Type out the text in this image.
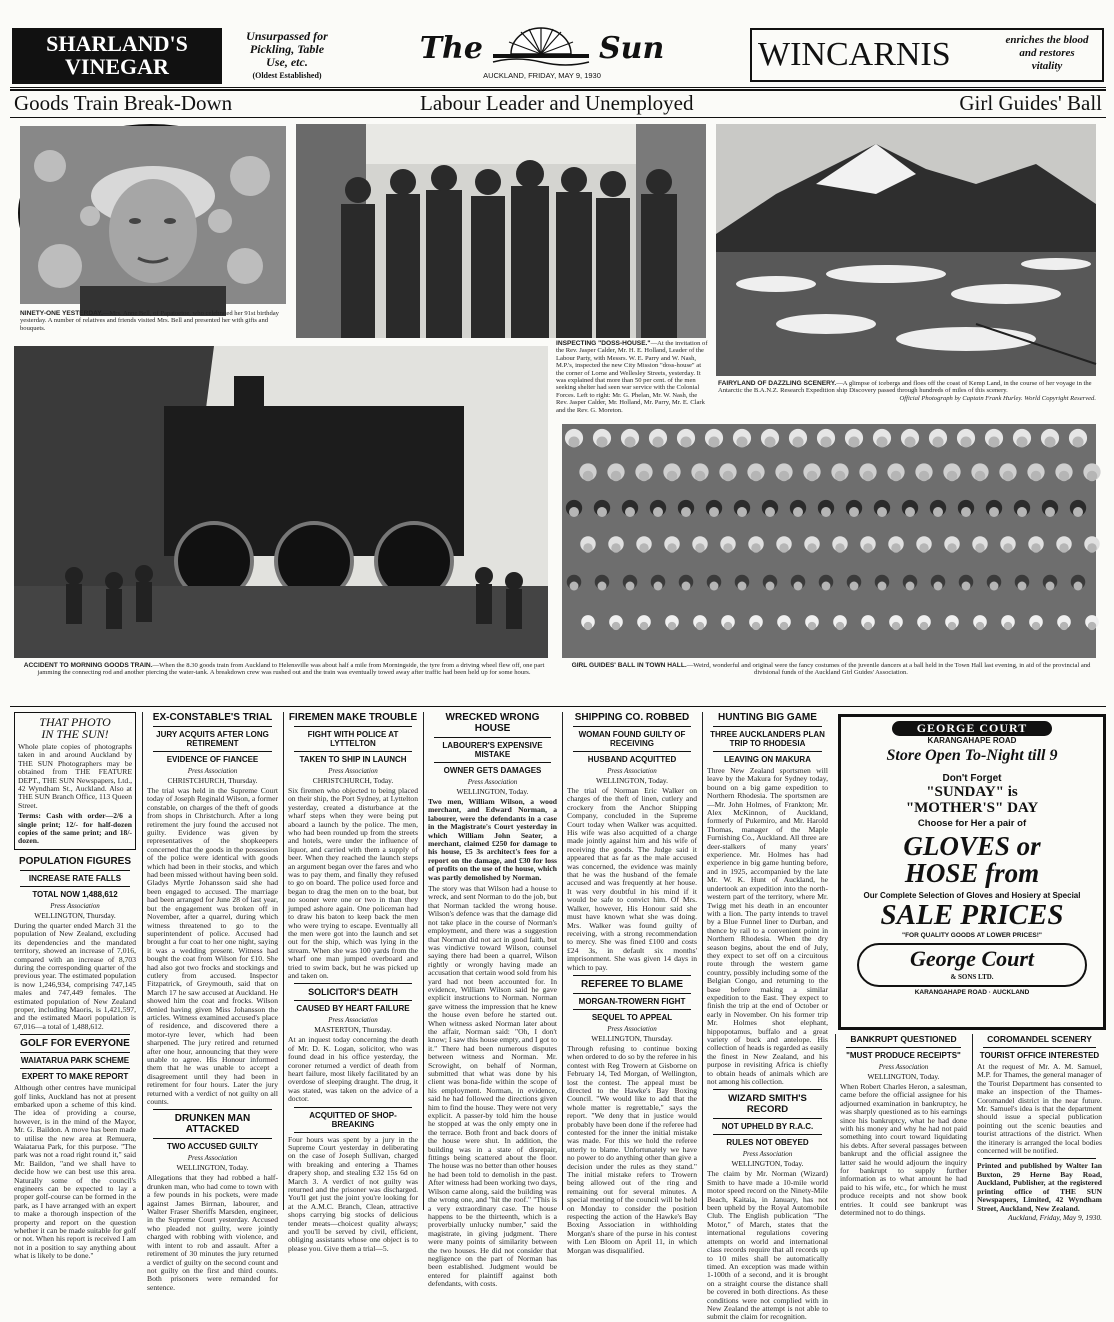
SHARLAND'S VINEGAR
Unsurpassed for
Pickling, Table
Use, etc.
(Oldest Established)
The	Sun
AUCKLAND, FRIDAY, MAY 9, 1930
WINCARNIS	enriches the blood
and restores
vitality
Goods Train Break-Down	Labour Leader and Unemployed	Girl Guides' Ball
NINETY-ONE YESTERDAY.—Mrs. Anne Bell, of Papatoetoe, who celebrated her 91st birthday yesterday. A number of relatives and friends visited Mrs. Bell and presented her with gifts and bouquets.
INSPECTING "DOSS-HOUSE."—At the invitation of the Rev. Jasper Calder, Mr. H. E. Holland, Leader of the Labour Party, with Messrs. W. E. Parry and W. Nash, M.P.'s, inspected the new City Mission "doss-house" at the corner of Lorne and Wellesley Streets, yesterday. It was explained that more than 50 per cent. of the men seeking shelter had seen war service with the Colonial Forces. Left to right: Mr. G. Phelan, Mr. W. Nash, the Rev. Jasper Calder, Mr. Holland, Mr. Parry, Mr. E. Clark and the Rev. G. Moreton.
FAIRYLAND OF DAZZLING SCENERY.—A glimpse of icebergs and floes off the coast of Kemp Land, in the course of her voyage in the Antarctic the B.A.N.Z. Research Expedition ship Discovery passed through hundreds of miles of this scenery.
Official Photograph by Captain Frank Hurley. World Copyright Reserved.
ACCIDENT TO MORNING GOODS TRAIN.—When the 8.30 goods train from Auckland to Helensville was about half a mile from Morningside, the tyre from a driving wheel flew off, one part jamming the connecting rod and another piercing the water-tank. A breakdown crew was rushed out and the train was eventually towed away after traffic had been held up for some hours.
GIRL GUIDES' BALL IN TOWN HALL.—Weird, wonderful and original were the fancy costumes of the juvenile dancers at a ball held in the Town Hall last evening, in aid of the provincial and divisional funds of the Auckland Girl Guides' Association.
THAT PHOTO
IN THE SUN!
Whole plate copies of photographs taken in and around Auckland by THE SUN Photographers may be obtained from THE FEATURE DEPT., THE SUN Newspapers, Ltd., 42 Wyndham St., Auckland. Also at THE SUN Branch Office, 113 Queen Street.
Terms: Cash with order—2/6 a single print; 12/- for half-dozen copies of the same print; and 18/- dozen.
POPULATION FIGURES
INCREASE RATE FALLS
TOTAL NOW 1,488,612
Press Association
WELLINGTON, Thursday.
During the quarter ended March 31 the population of New Zealand, excluding its dependencies and the mandated territory, showed an increase of 7,016, compared with an increase of 8,703 during the corresponding quarter of the previous year. The estimated population is now 1,246,934, comprising 747,145 males and 747,449 females. The estimated population of New Zealand proper, including Maoris, is 1,421,597, and the estimated Maori population is 67,016—a total of 1,488,612.
GOLF FOR EVERYONE
WAIATARUA PARK SCHEME
EXPERT TO MAKE REPORT
Although other centres have municipal golf links, Auckland has not at present embarked upon a scheme of this kind. The idea of providing a course, however, is in the mind of the Mayor, Mr. G. Baildon. A move has been made to utilise the new area at Remuera, Waiatarua Park, for this purpose. "The park was not a road right round it," said Mr. Baildon, "and we shall have to decide how we can best use this area. Naturally some of the council's engineers can be expected to lay a proper golf-course can be formed in the park, as I have arranged with an expert to make a thorough inspection of the property and report on the question whether it can be made suitable for golf or not. When his report is received I am not in a position to say anything about what is likely to be done."
EX-CONSTABLE'S TRIAL
JURY ACQUITS AFTER LONG RETIREMENT
EVIDENCE OF FIANCEE
Press Association
CHRISTCHURCH, Thursday.
The trial was held in the Supreme Court today of Joseph Reginald Wilson, a former constable, on charges of the theft of goods from shops in Christchurch. After a long retirement the jury found the accused not guilty. Evidence was given by representatives of the shopkeepers concerned that the goods in the possession of the police were identical with goods which had been in their stocks, and which had been missed without having been sold. Gladys Myrtle Johansson said she had been engaged to accused. The marriage had been arranged for June 28 of last year, but the engagement was broken off in November, after a quarrel, during which witness threatened to go to the superintendent of police. Accused had brought a fur coat to her one night, saying it was a wedding present. Witness had bought the coat from Wilson for £10. She had also got two frocks and stockings and cutlery from accused. Inspector Fitzpatrick, of Greymouth, said that on March 17 he saw accused at Auckland. He showed him the coat and frocks. Wilson denied having given Miss Johansson the articles. Witness examined accused's place of residence, and discovered there a motor-tyre lever, which had been sharpened. The jury retired and returned after one hour, announcing that they were unable to agree. His Honour informed them that he was unable to accept a disagreement until they had been in retirement for four hours. Later the jury returned with a verdict of not guilty on all counts.
DRUNKEN MAN ATTACKED
TWO ACCUSED GUILTY
Press Association
WELLINGTON, Today.
Allegations that they had robbed a half-drunken man, who had come to town with a few pounds in his pockets, were made against James Birrnan, labourer, and Walter Fraser Sheriffs Marsden, engineer, in the Supreme Court yesterday. Accused who pleaded not guilty, were jointly charged with robbing with violence, and with intent to rob and assault. After a retirement of 30 minutes the jury returned a verdict of guilty on the second count and not guilty on the first and third counts. Both prisoners were remanded for sentence.
FIREMEN MAKE TROUBLE
FIGHT WITH POLICE AT LYTTELTON
TAKEN TO SHIP IN LAUNCH
Press Association
CHRISTCHURCH, Today.
Six firemen who objected to being placed on their ship, the Port Sydney, at Lyttelton yesterday, created a disturbance at the wharf steps when they were being put aboard a launch by the police. The men, who had been rounded up from the streets and hotels, were under the influence of liquor, and carried with them a supply of beer. When they reached the launch steps an argument began over the fares and who was to pay them, and finally they refused to go on board. The police used force and began to drag the men on to the boat, but no sooner were one or two in than they jumped ashore again. One policeman had to draw his baton to keep back the men who were trying to escape. Eventually all the men were got into the launch and set out for the ship, which was lying in the stream. When she was 100 yards from the wharf one man jumped overboard and tried to swim back, but he was picked up and taken on.
SOLICITOR'S DEATH
CAUSED BY HEART FAILURE
Press Association
MASTERTON, Thursday.
At an inquest today concerning the death of Mr. D. K. Logan, solicitor, who was found dead in his office yesterday, the coroner returned a verdict of death from heart failure, most likely facilitated by an overdose of sleeping draught. The drug, it was stated, was taken on the advice of a doctor.
ACQUITTED OF SHOP-BREAKING
Four hours was spent by a jury in the Supreme Court yesterday in deliberating on the case of Joseph Sullivan, charged with breaking and entering a Thames drapery shop, and stealing £32 15s 6d on March 3. A verdict of not guilty was returned and the prisoner was discharged. You'll get just the joint you're looking for at the A.M.C. Branch, Clean, attractive shops carrying big stocks of delicious tender meats—choicest quality always; and you'll be served by civil, efficient, obliging assistants whose one object is to please you. Give them a trial—5.
WRECKED WRONG HOUSE
LABOURER'S EXPENSIVE MISTAKE
OWNER GETS DAMAGES
Press Association
WELLINGTON, Today.
Two men, William Wilson, a wood merchant, and Edward Norman, a labourer, were the defendants in a case in the Magistrate's Court yesterday in which William John Seater, a merchant, claimed £250 for damage to his house, £5 3s architect's fees for a report on the damage, and £30 for loss of profits on the use of the house, which was partly demolished by Norman.
The story was that Wilson had a house to wreck, and sent Norman to do the job, but that Norman tackled the wrong house. Wilson's defence was that the damage did not take place in the course of Norman's employment, and there was a suggestion that Norman did not act in good faith, but was vindictive toward Wilson, counsel saying there had been a quarrel, Wilson rightly or wrongly having made an accusation that certain wood sold from his yard had not been accounted for. In evidence, William Wilson said he gave explicit instructions to Norman. Norman gave witness the impression that he knew the house even before he started out. When witness asked Norman later about the affair, Norman said: "Oh, I don't know; I saw this house empty, and I got to it." There had been numerous disputes between witness and Norman. Mr. Scrowight, on behalf of Norman, submitted that what was done by his client was bona-fide within the scope of his employment. Norman, in evidence, said he had followed the directions given him to find the house. They were not very explicit. A passer-by told him the house he stopped at was the only empty one in the terrace. Both front and back doors of the house were shut. In addition, the building was in a state of disrepair, fittings being scattered about the floor. The house was no better than other houses he had been told to demolish in the past. After witness had been working two days, Wilson came along, said the building was the wrong one, and "hit the roof." "This is a very extraordinary case. The house happens to be the thirteenth, which is a proverbially unlucky number," said the magistrate, in giving judgment. There were many points of similarity between the two houses. He did not consider that negligence on the part of Norman has been established. Judgment would be entered for plaintiff against both defendants, with costs.
SHIPPING CO. ROBBED
WOMAN FOUND GUILTY OF RECEIVING
HUSBAND ACQUITTED
Press Association
WELLINGTON, Today.
The trial of Norman Eric Walker on charges of the theft of linen, cutlery and crockery from the Anchor Shipping Company, concluded in the Supreme Court today when Walker was acquitted. His wife was also acquitted of a charge made jointly against him and his wife of receiving the goods. The Judge said it appeared that as far as the male accused was concerned, the evidence was mainly that he was the husband of the female accused and was frequently at her house. It was very doubtful in his mind if it would be safe to convict him. Of Mrs. Walker, however, His Honour said she must have known what she was doing. Mrs. Walker was found guilty of receiving, with a strong recommendation to mercy. She was fined £100 and costs £24 3s, in default six months' imprisonment. She was given 14 days in which to pay.
REFEREE TO BLAME
MORGAN-TROWERN FIGHT
SEQUEL TO APPEAL
Press Association
WELLINGTON, Thursday.
Through refusing to continue boxing when ordered to do so by the referee in his contest with Reg Trowern at Gisborne on February 14, Ted Morgan, of Wellington, lost the contest. The appeal must be directed to the Hawke's Bay Boxing Council. "We would like to add that the whole matter is regrettable," says the report. "We deny that in justice would probably have been done if the referee had contested for the inner the initial mistake was made. For this we hold the referee utterly to blame. Unfortunately we have no power to do anything other than give a decision under the rules as they stand." The initial mistake refers to Trowern being allowed out of the ring and remaining out for several minutes. A special meeting of the council will be held on Monday to consider the position respecting the action of the Hawke's Bay Boxing Association in withholding Morgan's share of the purse in his contest with Len Bloom on April 11, in which Morgan was disqualified.
HUNTING BIG GAME
THREE AUCKLANDERS PLAN TRIP TO RHODESIA
LEAVING ON MAKURA
Three New Zealand sportsmen will leave by the Makura for Sydney today, bound on a big game expedition to Northern Rhodesia. The sportsmen are—Mr. John Holmes, of Frankton; Mr. Alex McKinnon, of Auckland, formerly of Pukemiro, and Mr. Harold Thomas, manager of the Maple Furnishing Co., Auckland. All three are deer-stalkers of many years' experience. Mr. Holmes has had experience in big game hunting before, and in 1925, accompanied by the late Mr. W. K. Hunt of Auckland, he undertook an expedition into the north-western part of the territory, where Mr. Twigg met his death in an encounter with a lion. The party intends to travel by a Blue Funnel liner to Durban, and thence by rail to a convenient point in Northern Rhodesia. When the dry season begins, about the end of July, they expect to set off on a circuitous route through the western game country, possibly including some of the Belgian Congo, and returning to the base before making a similar expedition to the East. They expect to finish the trip at the end of October or early in November. On his former trip Mr. Holmes shot elephant, hippopotamus, buffalo and a great variety of buck and antelope. His collection of heads is regarded as easily the finest in New Zealand, and his purpose in revisiting Africa is chiefly to obtain heads of animals which are not among his collection.
WIZARD SMITH'S RECORD
NOT UPHELD BY R.A.C.
RULES NOT OBEYED
Press Association
WELLINGTON, Today.
The claim by Mr. Norman (Wizard) Smith to have made a 10-mile world motor speed record on the Ninety-Mile Beach, Kaitaia, in January, has not been upheld by the Royal Automobile Club. The English publication "The Motor," of March, states that the international regulations covering attempts on world and international class records require that all records up to 10 miles shall be automatically timed. An exception was made within 1-100th of a second, and it is brought on a straight course the distance shall be covered in both directions. As these conditions were not complied with in New Zealand the attempt is not able to submit the claim for recognition.
GEORGE COURT
KARANGAHAPE ROAD
Store Open To-Night till 9
Don't Forget
"SUNDAY" is
"MOTHER'S" DAY
Choose for Her a pair of
GLOVES or
HOSE from
Our Complete Selection of Gloves and Hosiery at Special
SALE PRICES
"FOR QUALITY GOODS AT LOWER PRICES!"
George Court
& SONS LTD.
KARANGAHAPE ROAD · AUCKLAND
BANKRUPT QUESTIONED
"MUST PRODUCE RECEIPTS"
Press Association
WELLINGTON, Today.
When Robert Charles Heron, a salesman, came before the official assignee for his adjourned examination in bankruptcy, he was sharply questioned as to his earnings since his bankruptcy, what he had done with his money and why he had not paid something into court toward liquidating his debts. After several passages between bankrupt and the official assignee the latter said he would adjourn the inquiry for bankrupt to supply further information as to what amount he had paid to his wife, etc., for which he must produce receipts and not show book entries. It could see bankrupt was determined not to do things.
COROMANDEL SCENERY
TOURIST OFFICE INTERESTED
At the request of Mr. A. M. Samuel, M.P. for Thames, the general manager of the Tourist Department has consented to make an inspection of the Thames-Coromandel district in the near future. Mr. Samuel's idea is that the department should issue a special publication pointing out the scenic beauties and tourist attractions of the district. When the itinerary is arranged the local bodies concerned will be notified.
Printed and published by Walter Ian Buxton, 29 Herne Bay Road, Auckland, Publisher, at the registered printing office of THE SUN Newspapers, Limited, 42 Wyndham Street, Auckland, New Zealand.
Auckland, Friday, May 9, 1930.
